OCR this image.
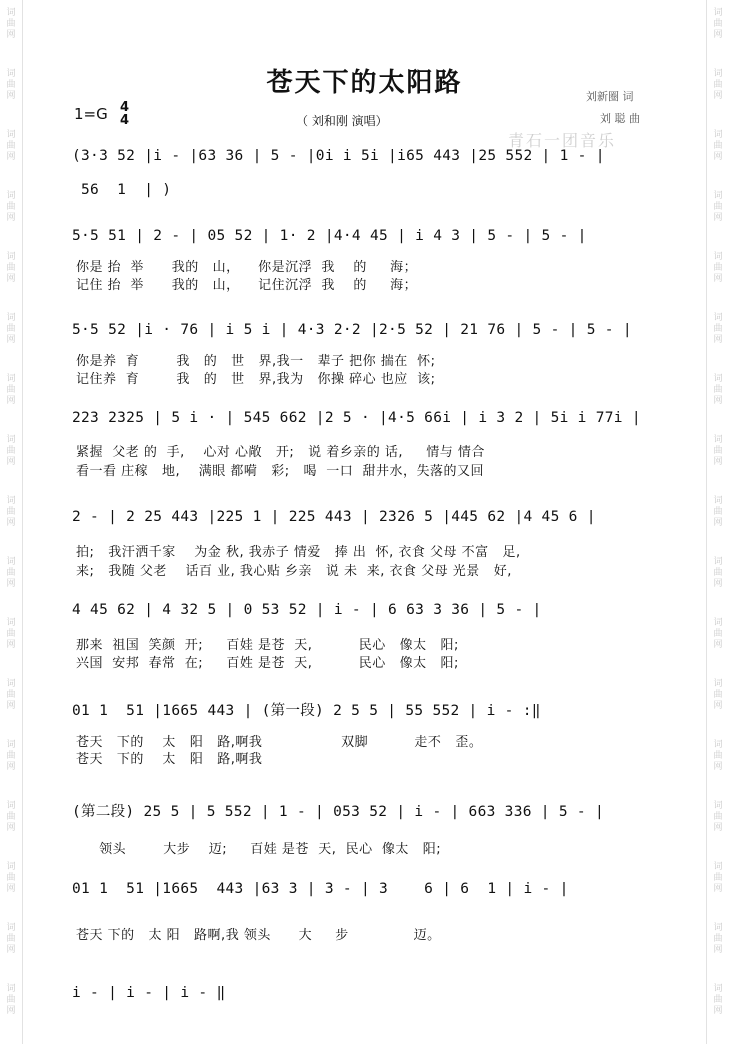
词
曲
网
词
曲
网
词
曲
网
词
曲
网
词
曲
网
词
曲
网
词
曲
网
词
曲
网
词
曲
网
词
曲
网
词
曲
网
词
曲
网
词
曲
网
词
曲
网
词
曲
网
词
曲
网
词
曲
网
词
曲
网
词
曲
网
词
曲
网
词
曲
网
词
曲
网
词
曲
网
词
曲
网
词
曲
网
词
曲
网
词
曲
网
词
曲
网
词
曲
网
词
曲
网
词
曲
网
词
曲
网
词
曲
网
词
曲
网
苍天下的太阳路	刘新圈 词
刘 聪 曲
1=G 4
4	（ 刘和刚 演唱）
青石一团音乐
(3·3 52 |i - |63 36 | 5 - |0i i 5i |i65 443 |25 552 | 1 - |
56  1  | )
5·5 51 | 2 - | 05 52 | 1· 2 |4·4 45 | i 4 3 | 5 - | 5 - |
你是 抬  举      我的   山，    你是沉浮  我    的     海；
记住 抬  举      我的   山，    记住沉浮  我    的     海；
5·5 52 |i · 76 | i 5 i | 4·3 2·2 |2·5 52 | 21 76 | 5 - | 5 - |
你是养  育        我   的   世   界,我一   辈子 把你 揣在  怀;
记住养  育        我   的   世   界,我为   你操 碎心 也应  该;
223 2325 | 5 i · | 545 662 |2 5 · |4·5 66i | i 3 2 | 5i i 77i |
紧握  父老 的  手,    心对 心敞   开;   说 着乡亲的 话,     情与 情合
看一看 庄稼   地,    满眼 都嗬   彩;   喝  一口  甜井水，失落的又回
2 - | 2 25 443 |225 1 | 225 443 | 2326 5 |445 62 |4 45 6 |
拍;   我汗洒千家    为金 秋, 我赤子 情爱   捧 出  怀, 衣食 父母 不富   足,
来;   我随 父老    话百 业, 我心贴 乡亲   说 未  来, 衣食 父母 光景   好,
4 45 62 | 4 32 5 | 0 53 52 | i - | 6 63 3 36 | 5 - |
那来  祖国  笑颜  开;     百娃 是苍  天,          民心   像太   阳;
兴国  安邦  春常  在;     百姓 是苍  天,          民心   像太   阳;
01 1  51 |1665 443 | (第一段) 2 5 5 | 55 552 | i - :‖
苍天   下的    太   阳   路,啊我                 双脚          走不   歪。
苍天   下的    太   阳   路,啊我
(第二段) 25 5 | 5 552 | 1 - | 053 52 | i - | 663 336 | 5 - |
领头        大步    迈;     百娃 是苍  天,  民心  像太   阳;
01 1  51 |1665  443 |63 3 | 3 - | 3    6 | 6  1 | i - |
苍天 下的   太 阳   路啊,我 领头      大     步              迈。
i - | i - | i - ‖
